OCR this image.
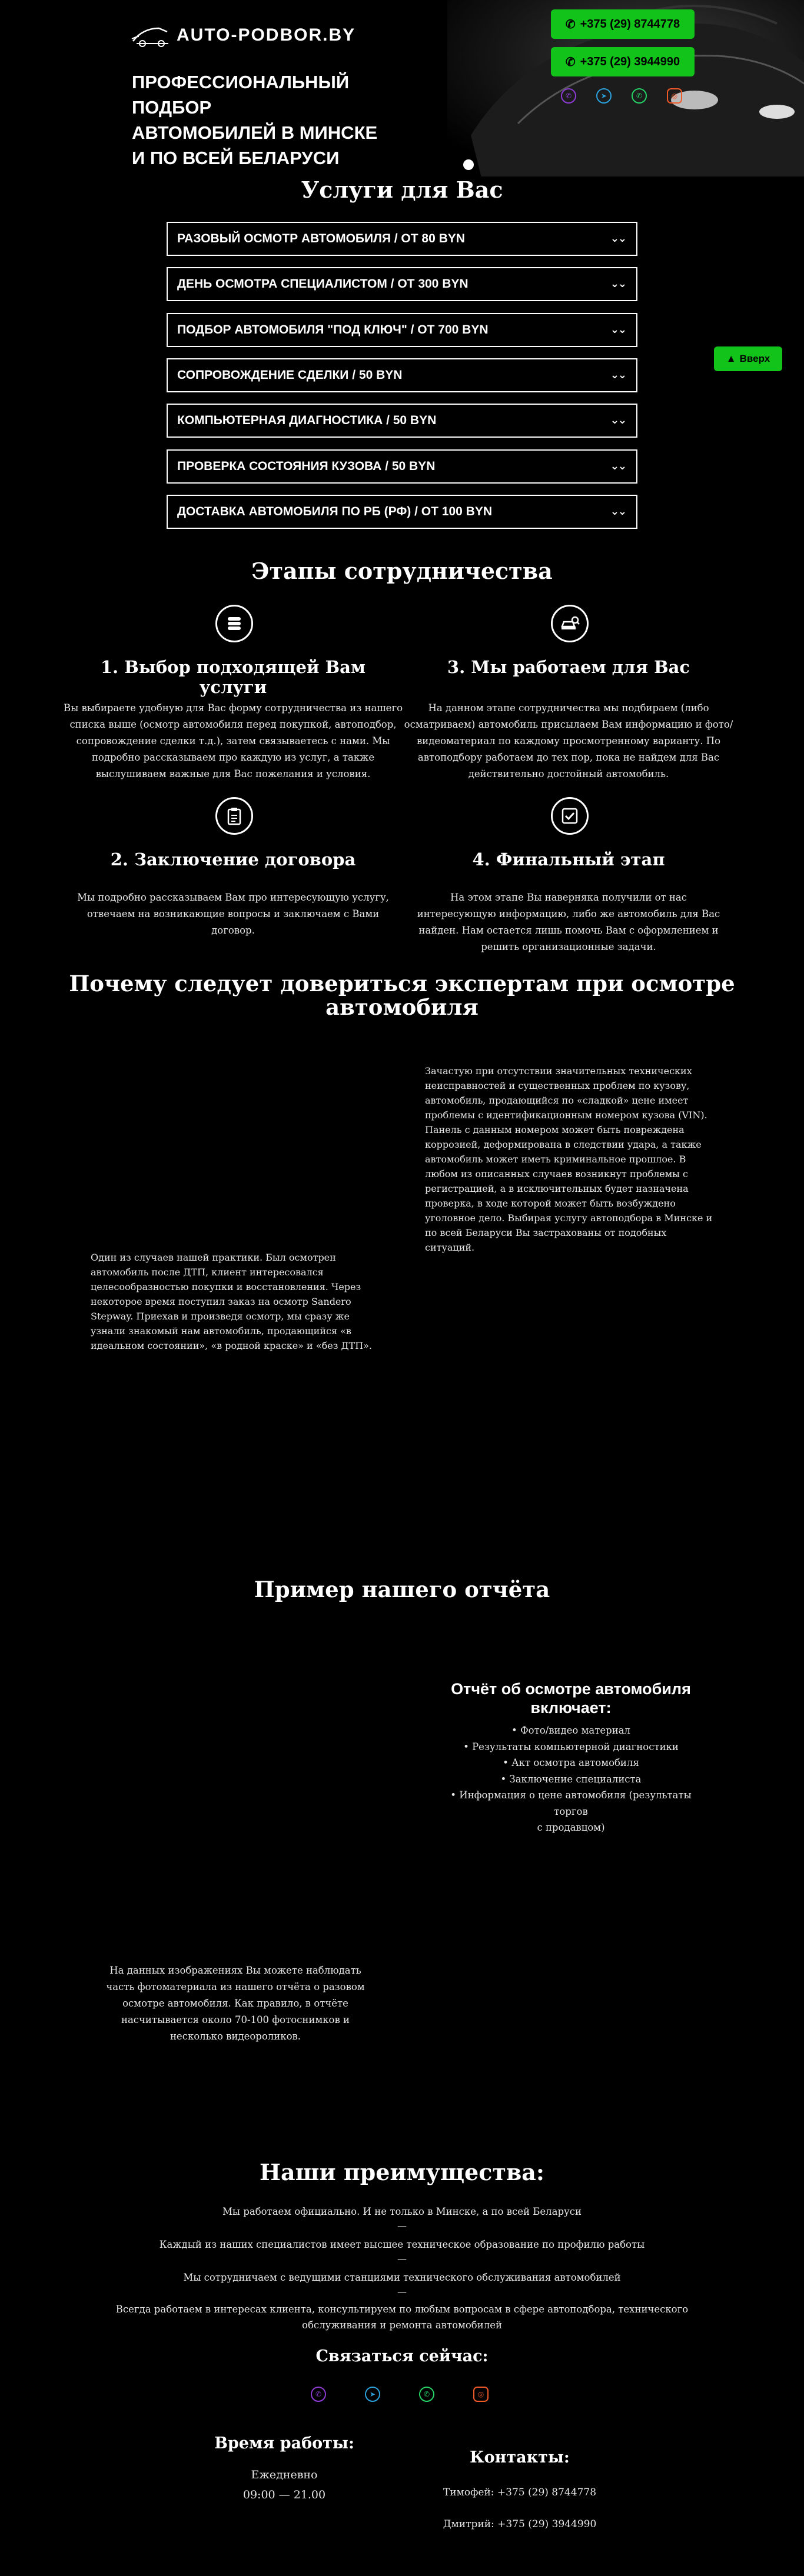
AUTO-PODBOR.BY
ПРОФЕССИОНАЛЬНЫЙ
ПОДБОР
АВТОМОБИЛЕЙ В МИНСКЕ
И ПО ВСЕЙ БЕЛАРУСИ
✆ +375 (29) 8744778
✆ +375 (29) 3944990
✆	➤	✆	◎
Услуги для Вас
РАЗОВЫЙ ОСМОТР АВТОМОБИЛЯ / ОТ 80 BYN	⌄⌄
ДЕНЬ ОСМОТРА СПЕЦИАЛИСТОМ / ОТ 300 BYN	⌄⌄
ПОДБОР АВТОМОБИЛЯ "ПОД КЛЮЧ" / ОТ 700 BYN	⌄⌄
СОПРОВОЖДЕНИЕ СДЕЛКИ / 50 BYN	⌄⌄
КОМПЬЮТЕРНАЯ ДИАГНОСТИКА / 50 BYN	⌄⌄
ПРОВЕРКА СОСТОЯНИЯ КУЗОВА / 50 BYN	⌄⌄
ДОСТАВКА АВТОМОБИЛЯ ПО РБ (РФ) / ОТ 100 BYN	⌄⌄
▲ Вверх
Этапы сотрудничества
1. Выбор подходящей Вам услуги
3. Мы работаем для Вас
Вы выбираете удобную для Вас форму сотрудничества из нашего списка выше (осмотр автомобиля перед покупкой, автоподбор, сопровождение сделки т.д.), затем связываетесь с нами. Мы подробно рассказываем про каждую из услуг, а также выслушиваем важные для Вас пожелания и условия.
На данном этапе сотрудничества мы подбираем (либо осматриваем) автомобиль присылаем Вам информацию и фото/видеоматериал по каждому просмотренному варианту. По автоподбору работаем до тех пор, пока не найдем для Вас действительно достойный автомобиль.
2. Заключение договора	4. Финальный этап
Мы подробно рассказываем Вам про интересующую услугу, отвечаем на возникающие вопросы и заключаем с Вами договор.
На этом этапе Вы наверняка получили от нас интересующую информацию, либо же автомобиль для Вас найден. Нам остается лишь помочь Вам с оформлением и решить организационные задачи.
Почему следует довериться экспертам при осмотре
автомобиля
Зачастую при отсутствии значительных технических неисправностей и существенных проблем по кузову, автомобиль, продающийся по «сладкой» цене имеет проблемы с идентификационным номером кузова (VIN). Панель с данным номером может быть повреждена коррозией, деформирована в следствии удара, а также автомобиль может иметь криминальное прошлое. В любом из описанных случаев возникнут проблемы с регистрацией, а в исключительных будет назначена проверка, в ходе которой может быть возбуждено уголовное дело. Выбирая услугу автоподбора в Минске и по всей Беларуси Вы застрахованы от подобных ситуаций.
Один из случаев нашей практики. Был осмотрен автомобиль после ДТП, клиент интересовался целесообразностью покупки и восстановления. Через некоторое время поступил заказ на осмотр Sandero Stepway. Приехав и произведя осмотр, мы сразу же узнали знакомый нам автомобиль, продающийся «в идеальном состоянии», «в родной краске» и «без ДТП».
Пример нашего отчёта
Отчёт об осмотре автомобиля
включает:
• Фото/видео материал
• Результаты компьютерной диагностики
• Акт осмотра автомобиля
• Заключение специалиста
• Информация о цене автомобиля (результаты торгов
с продавцом)
На данных изображениях Вы можете наблюдать часть фотоматериала из нашего отчёта о разовом осмотре автомобиля. Как правило, в отчёте насчитывается около 70-100 фотоснимков и несколько видеороликов.
Наши преимущества:
Мы работаем официально. И не только в Минске, а по всей Беларуси
—
Каждый из наших специалистов имеет высшее техническое образование по профилю работы
—
Мы сотрудничаем с ведущими станциями технического обслуживания автомобилей
—
Всегда работаем в интересах клиента, консультируем по любым вопросам в сфере автоподбора, технического обслуживания и ремонта автомобилей
Связаться сейчас:
✆	➤	✆	◎
Время работы:
Ежедневно
09:00 — 21.00
Контакты:
Тимофей: +375 (29) 8744778
Дмитрий: +375 (29) 3944990
